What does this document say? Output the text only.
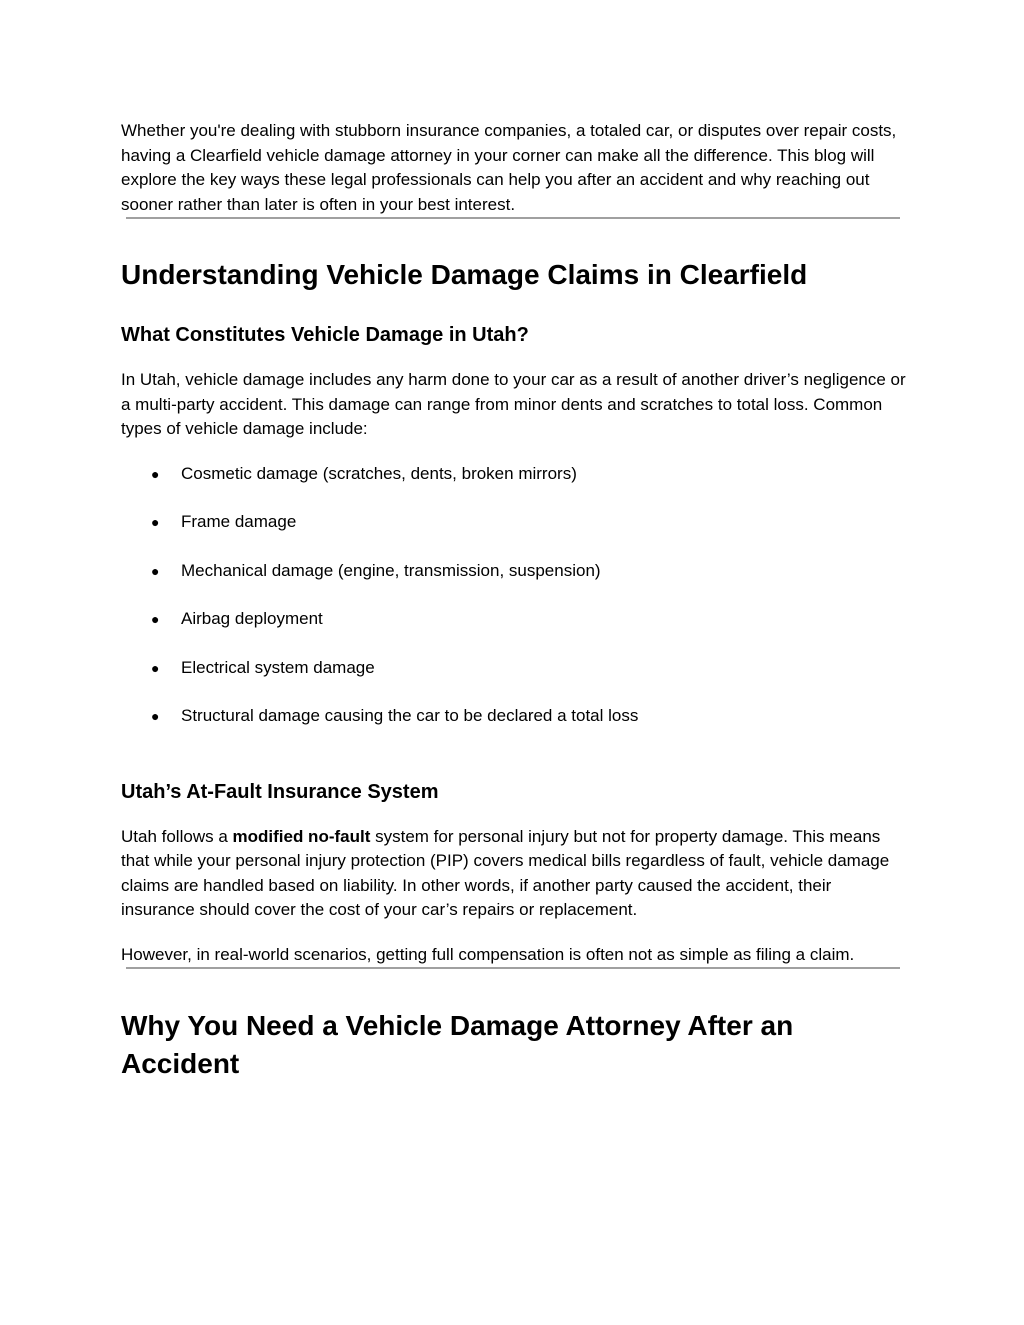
Whether you're dealing with stubborn insurance companies, a totaled car, or disputes over repair costs, having a Clearfield vehicle damage attorney in your corner can make all the difference. This blog will explore the key ways these legal professionals can help you after an accident and why reaching out sooner rather than later is often in your best interest.

Understanding Vehicle Damage Claims in Clearfield
What Constitutes Vehicle Damage in Utah?

In Utah, vehicle damage includes any harm done to your car as a result of another driver’s negligence or a multi-party accident. This damage can range from minor dents and scratches to total loss. Common types of vehicle damage include:

● Cosmetic damage (scratches, dents, broken mirrors)
● Frame damage
● Mechanical damage (engine, transmission, suspension)
● Airbag deployment
● Electrical system damage
● Structural damage causing the car to be declared a total loss
Utah’s At-Fault Insurance System

Utah follows a modified no-fault system for personal injury but not for property damage. This means that while your personal injury protection (PIP) covers medical bills regardless of fault, vehicle damage claims are handled based on liability. In other words, if another party caused the accident, their insurance should cover the cost of your car’s repairs or replacement.

However, in real-world scenarios, getting full compensation is often not as simple as filing a claim.

Why You Need a Vehicle Damage Attorney After an Accident
